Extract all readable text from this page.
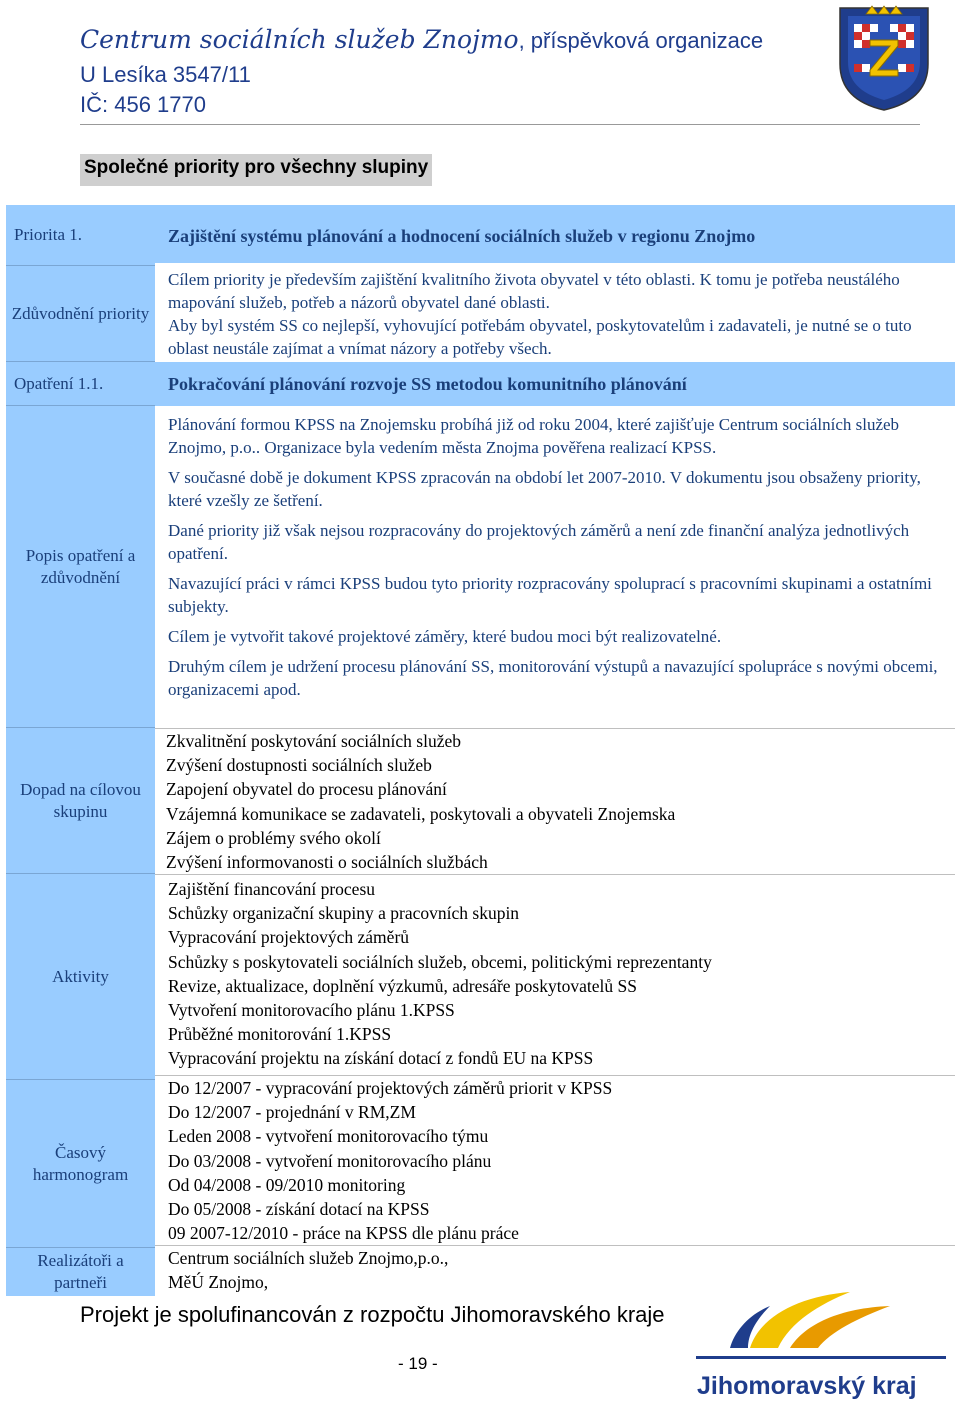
Centrum sociálních služeb Znojmo, příspěvková organizace
U Lesíka 3547/11
IČ: 456 1770
Společné priority pro všechny slupiny
Priorita 1.
Zdůvodnění priority
Opatření 1.1.
Popis opatření a zdůvodnění
Dopad na cílovou skupinu
Aktivity
Časový harmonogram
Realizátoři a partneři
Zajištění systému plánování a hodnocení sociálních služeb v regionu Znojmo

Cílem priority je především zajištění kvalitního života obyvatel v této oblasti. K tomu je potřeba neustálého mapování služeb, potřeb a názorů obyvatel dané oblasti.

Aby byl systém SS co nejlepší, vyhovující potřebám obyvatel, poskytovatelům i zadavateli, je nutné se o tuto oblast neustále zajímat a vnímat názory a potřeby všech.

Pokračování plánování rozvoje SS metodou komunitního plánování

Plánování formou KPSS na Znojemsku probíhá již od roku 2004, které zajišťuje Centrum sociálních služeb Znojmo, p.o.. Organizace byla vedením města Znojma pověřena realizací KPSS.

V současné době je dokument KPSS zpracován na období let 2007-2010. V dokumentu jsou obsaženy priority, které vzešly ze šetření.

Dané priority již však nejsou rozpracovány do projektových záměrů a není zde finanční analýza jednotlivých opatření.

Navazující práci v rámci KPSS budou tyto priority rozpracovány spoluprací s pracovními skupinami a ostatními subjekty.

Cílem je vytvořit takové projektové záměry, které budou moci být realizovatelné.

Druhým cílem je udržení procesu plánování SS, monitorování výstupů a navazující spolupráce s novými obcemi, organizacemi apod.

Zkvalitnění poskytování sociálních služeb
Zvýšení dostupnosti sociálních služeb
Zapojení obyvatel do procesu plánování
Vzájemná komunikace se zadavateli, poskytovali a obyvateli Znojemska
Zájem o problémy svého okolí
Zvýšení informovanosti o sociálních službách
Zajištění financování procesu
Schůzky organizační skupiny a pracovních skupin
Vypracování projektových záměrů
Schůzky s poskytovateli sociálních služeb, obcemi, politickými reprezentanty
Revize, aktualizace, doplnění výzkumů, adresáře poskytovatelů SS
Vytvoření monitorovacího plánu 1.KPSS
Průběžné monitorování 1.KPSS
Vypracování projektu na získání dotací z fondů EU na KPSS
Do 12/2007 - vypracování projektových záměrů priorit v KPSS
Do 12/2007 - projednání v RM,ZM
Leden 2008 - vytvoření monitorovacího týmu
Do 03/2008 - vytvoření monitorovacího plánu
Od 04/2008 - 09/2010 monitoring
Do 05/2008 - získání dotací na KPSS
09 2007-12/2010 - práce na KPSS dle plánu práce
Centrum sociálních služeb Znojmo,p.o.,
MěÚ Znojmo,
Projekt je spolufinancován z rozpočtu Jihomoravského kraje
- 19 -
Jihomoravský kraj
